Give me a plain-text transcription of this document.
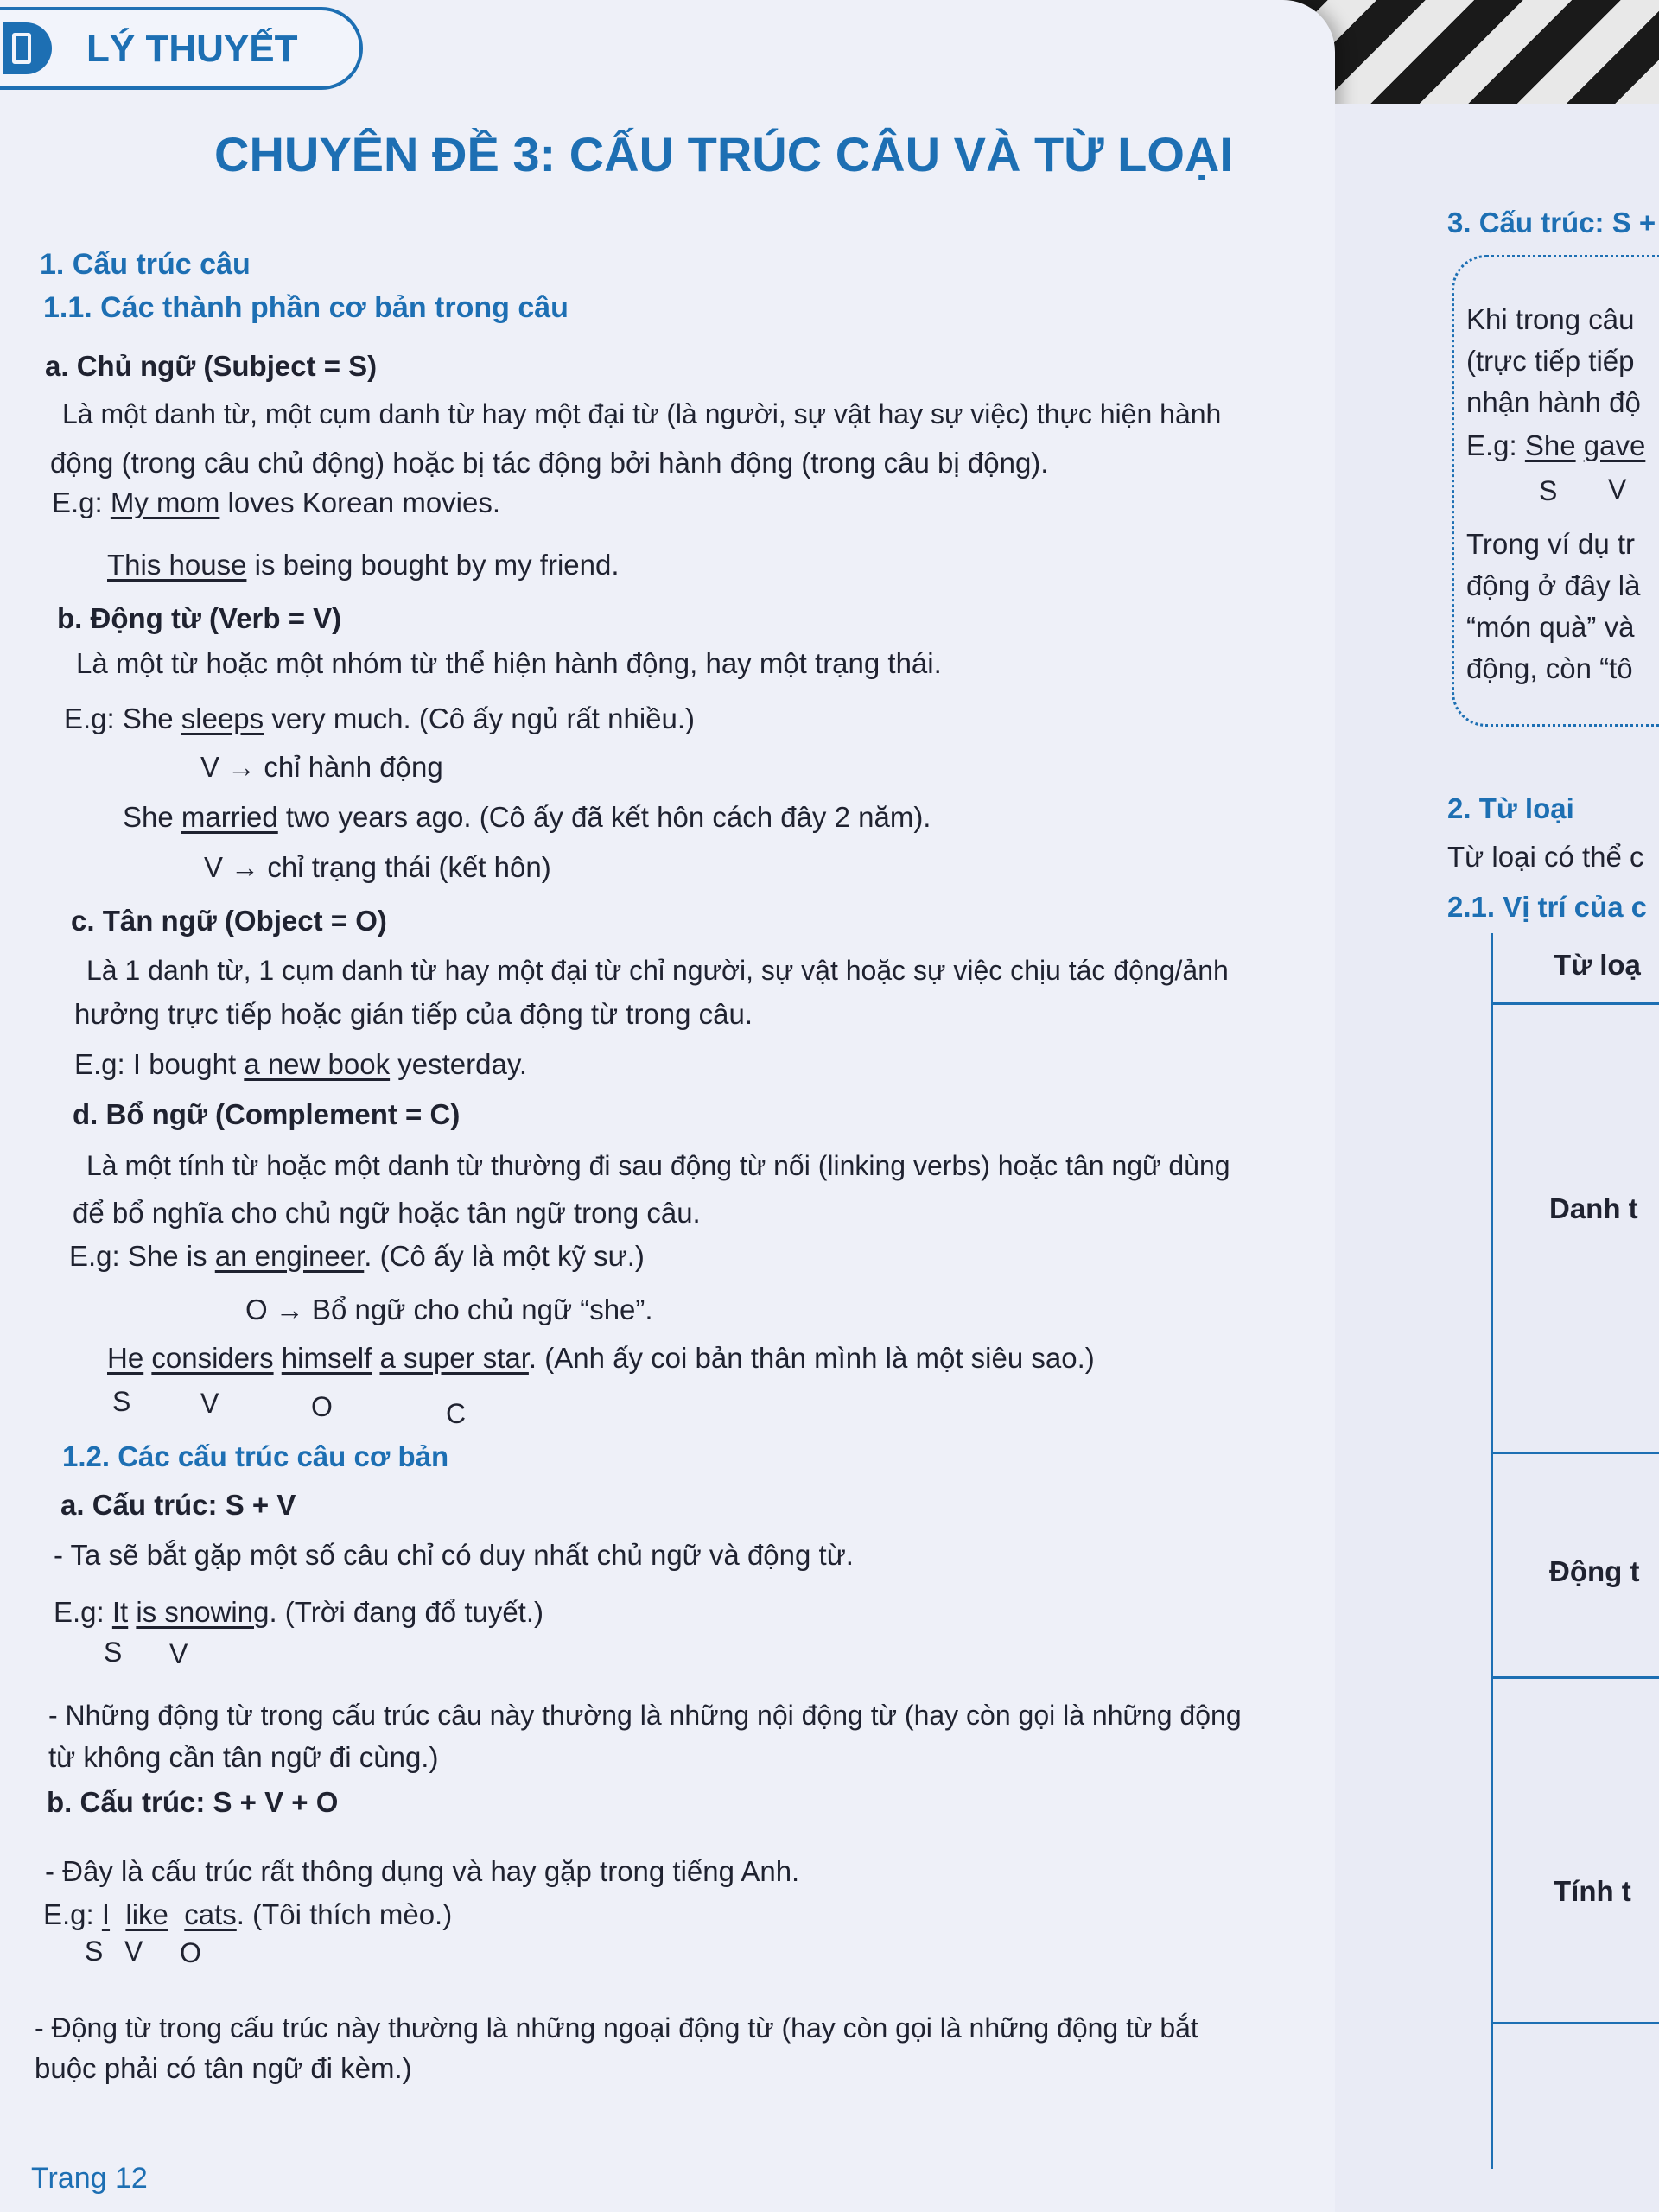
LÝ THUYẾT
CHUYÊN ĐỀ 3: CẤU TRÚC CÂU VÀ TỪ LOẠI
1. Cấu trúc câu
1.1. Các thành phần cơ bản trong câu
a. Chủ ngữ (Subject = S)
Là một danh từ, một cụm danh từ hay một đại từ (là người, sự vật hay sự việc) thực hiện hành
động (trong câu chủ động) hoặc bị tác động bởi hành động (trong câu bị động).
E.g: My mom loves Korean movies.
This house is being bought by my friend.
b. Động từ (Verb = V)
Là một từ hoặc một nhóm từ thể hiện hành động, hay một trạng thái.
E.g: She sleeps very much. (Cô ấy ngủ rất nhiều.)
V → chỉ hành động
She married two years ago. (Cô ấy đã kết hôn cách đây 2 năm).
V → chỉ trạng thái (kết hôn)
c. Tân ngữ (Object = O)
Là 1 danh từ, 1 cụm danh từ hay một đại từ chỉ người, sự vật hoặc sự việc chịu tác động/ảnh
hưởng trực tiếp hoặc gián tiếp của động từ trong câu.
E.g: I bought a new book yesterday.
d. Bổ ngữ (Complement = C)
Là một tính từ hoặc một danh từ thường đi sau động từ nối (linking verbs) hoặc tân ngữ dùng
để bổ nghĩa cho chủ ngữ hoặc tân ngữ trong câu.
E.g: She is an engineer. (Cô ấy là một kỹ sư.)
O → Bổ ngữ cho chủ ngữ “she”.
He considers himself a super star. (Anh ấy coi bản thân mình là một siêu sao.)
S	V	O	C
1.2. Các cấu trúc câu cơ bản
a. Cấu trúc: S + V
- Ta sẽ bắt gặp một số câu chỉ có duy nhất chủ ngữ và động từ.
E.g: It is snowing. (Trời đang đổ tuyết.)
S V
- Những động từ trong cấu trúc câu này thường là những nội động từ (hay còn gọi là những động
từ không cần tân ngữ đi cùng.)
b. Cấu trúc: S + V + O
- Đây là cấu trúc rất thông dụng và hay gặp trong tiếng Anh.
E.g: I like cats. (Tôi thích mèo.)
S V O
- Động từ trong cấu trúc này thường là những ngoại động từ (hay còn gọi là những động từ bắt
buộc phải có tân ngữ đi kèm.)
Trang 12
3. Cấu trúc: S +
Khi trong câu
(trực tiếp tiếp
nhận hành độ
E.g: She gave
S V
Trong ví dụ tr
động ở đây là
“món quà” và
động, còn “tô
2. Từ loại
Từ loại có thể c
2.1. Vị trí của c
Từ loạ
Danh t
Động t
Tính t
